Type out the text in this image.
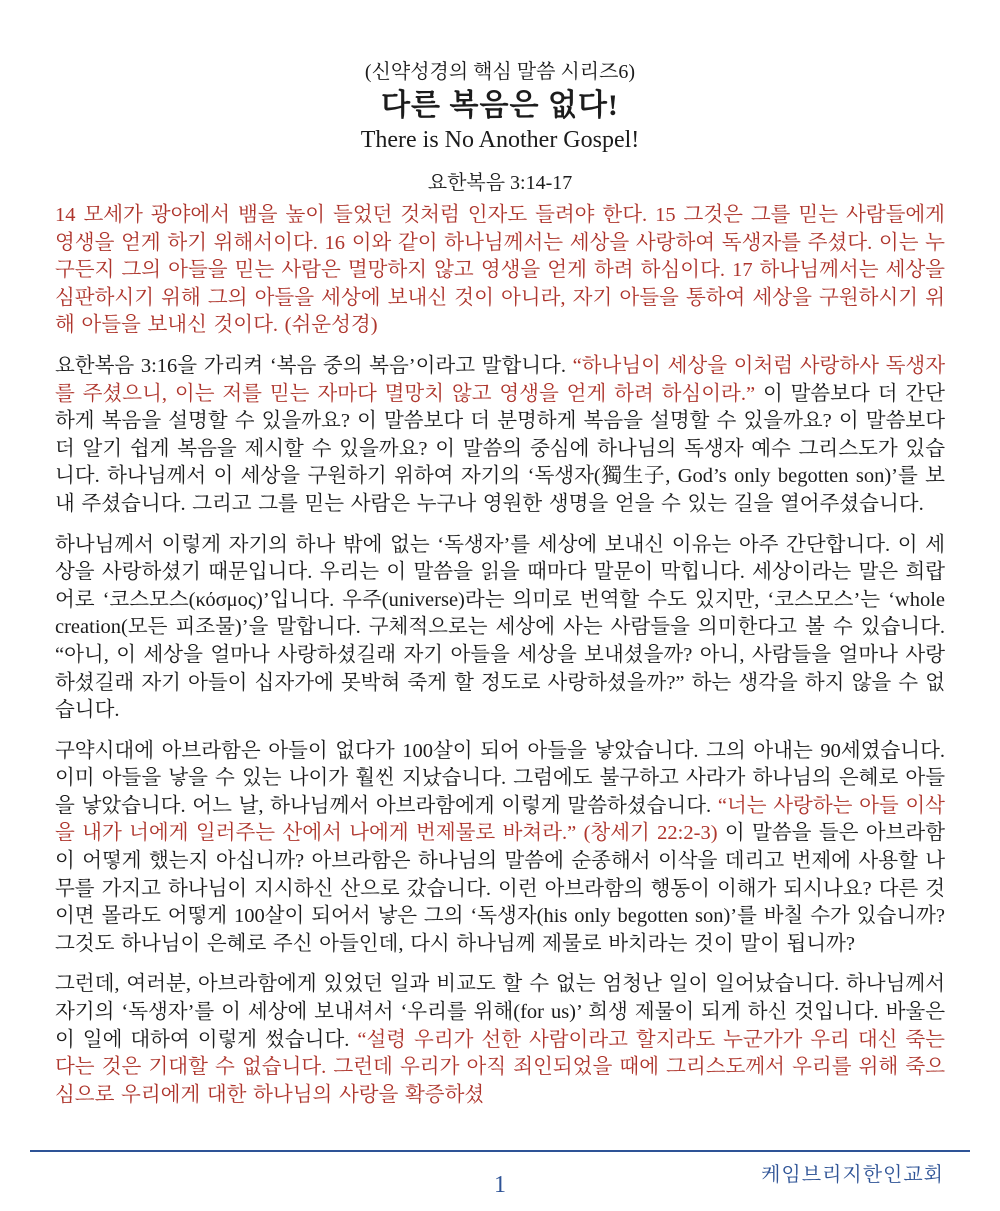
(신약성경의 핵심 말씀 시리즈6)
다른 복음은 없다!
There is No Another Gospel!
요한복음 3:14-17

14 모세가 광야에서 뱀을 높이 들었던 것처럼 인자도 들려야 한다. 15 그것은 그를 믿는 사람들에게 영생을 얻게 하기 위해서이다. 16 이와 같이 하나님께서는 세상을 사랑하여 독생자를 주셨다. 이는 누구든지 그의 아들을 믿는 사람은 멸망하지 않고 영생을 얻게 하려 하심이다. 17 하나님께서는 세상을 심판하시기 위해 그의 아들을 세상에 보내신 것이 아니라, 자기 아들을 통하여 세상을 구원하시기 위해 아들을 보내신 것이다. (쉬운성경)

요한복음 3:16을 가리켜 ‘복음 중의 복음’이라고 말합니다. “하나님이 세상을 이처럼 사랑하사 독생자를 주셨으니, 이는 저를 믿는 자마다 멸망치 않고 영생을 얻게 하려 하심이라.” 이 말씀보다 더 간단하게 복음을 설명할 수 있을까요? 이 말씀보다 더 분명하게 복음을 설명할 수 있을까요? 이 말씀보다 더 알기 쉽게 복음을 제시할 수 있을까요? 이 말씀의 중심에 하나님의 독생자 예수 그리스도가 있습니다. 하나님께서 이 세상을 구원하기 위하여 자기의 ‘독생자(獨生子, God’s only begotten son)’를 보내 주셨습니다. 그리고 그를 믿는 사람은 누구나 영원한 생명을 얻을 수 있는 길을 열어주셨습니다.

하나님께서 이렇게 자기의 하나 밖에 없는 ‘독생자’를 세상에 보내신 이유는 아주 간단합니다. 이 세상을 사랑하셨기 때문입니다. 우리는 이 말씀을 읽을 때마다 말문이 막힙니다. 세상이라는 말은 희랍어로 ‘코스모스(κόσμος)’입니다. 우주(universe)라는 의미로 번역할 수도 있지만, ‘코스모스’는 ‘whole creation(모든 피조물)’을 말합니다. 구체적으로는 세상에 사는 사람들을 의미한다고 볼 수 있습니다. “아니, 이 세상을 얼마나 사랑하셨길래 자기 아들을 세상을 보내셨을까? 아니, 사람들을 얼마나 사랑하셨길래 자기 아들이 십자가에 못박혀 죽게 할 정도로 사랑하셨을까?” 하는 생각을 하지 않을 수 없습니다.

구약시대에 아브라함은 아들이 없다가 100살이 되어 아들을 낳았습니다. 그의 아내는 90세였습니다. 이미 아들을 낳을 수 있는 나이가 훨씬 지났습니다. 그럼에도 불구하고 사라가 하나님의 은혜로 아들을 낳았습니다. 어느 날, 하나님께서 아브라함에게 이렇게 말씀하셨습니다. “너는 사랑하는 아들 이삭을 내가 너에게 일러주는 산에서 나에게 번제물로 바쳐라.” (창세기 22:2-3) 이 말씀을 들은 아브라함이 어떻게 했는지 아십니까? 아브라함은 하나님의 말씀에 순종해서 이삭을 데리고 번제에 사용할 나무를 가지고 하나님이 지시하신 산으로 갔습니다. 이런 아브라함의 행동이 이해가 되시나요? 다른 것이면 몰라도 어떻게 100살이 되어서 낳은 그의 ‘독생자(his only begotten son)’를 바칠 수가 있습니까? 그것도 하나님이 은혜로 주신 아들인데, 다시 하나님께 제물로 바치라는 것이 말이 됩니까?

그런데, 여러분, 아브라함에게 있었던 일과 비교도 할 수 없는 엄청난 일이 일어났습니다. 하나님께서 자기의 ‘독생자’를 이 세상에 보내셔서 ‘우리를 위해(for us)’ 희생 제물이 되게 하신 것입니다. 바울은 이 일에 대하여 이렇게 썼습니다. “설령 우리가 선한 사람이라고 할지라도 누군가가 우리 대신 죽는다는 것은 기대할 수 없습니다. 그런데 우리가 아직 죄인되었을 때에 그리스도께서 우리를 위해 죽으심으로 우리에게 대한 하나님의 사랑을 확증하셨

케임브리지한인교회
1
